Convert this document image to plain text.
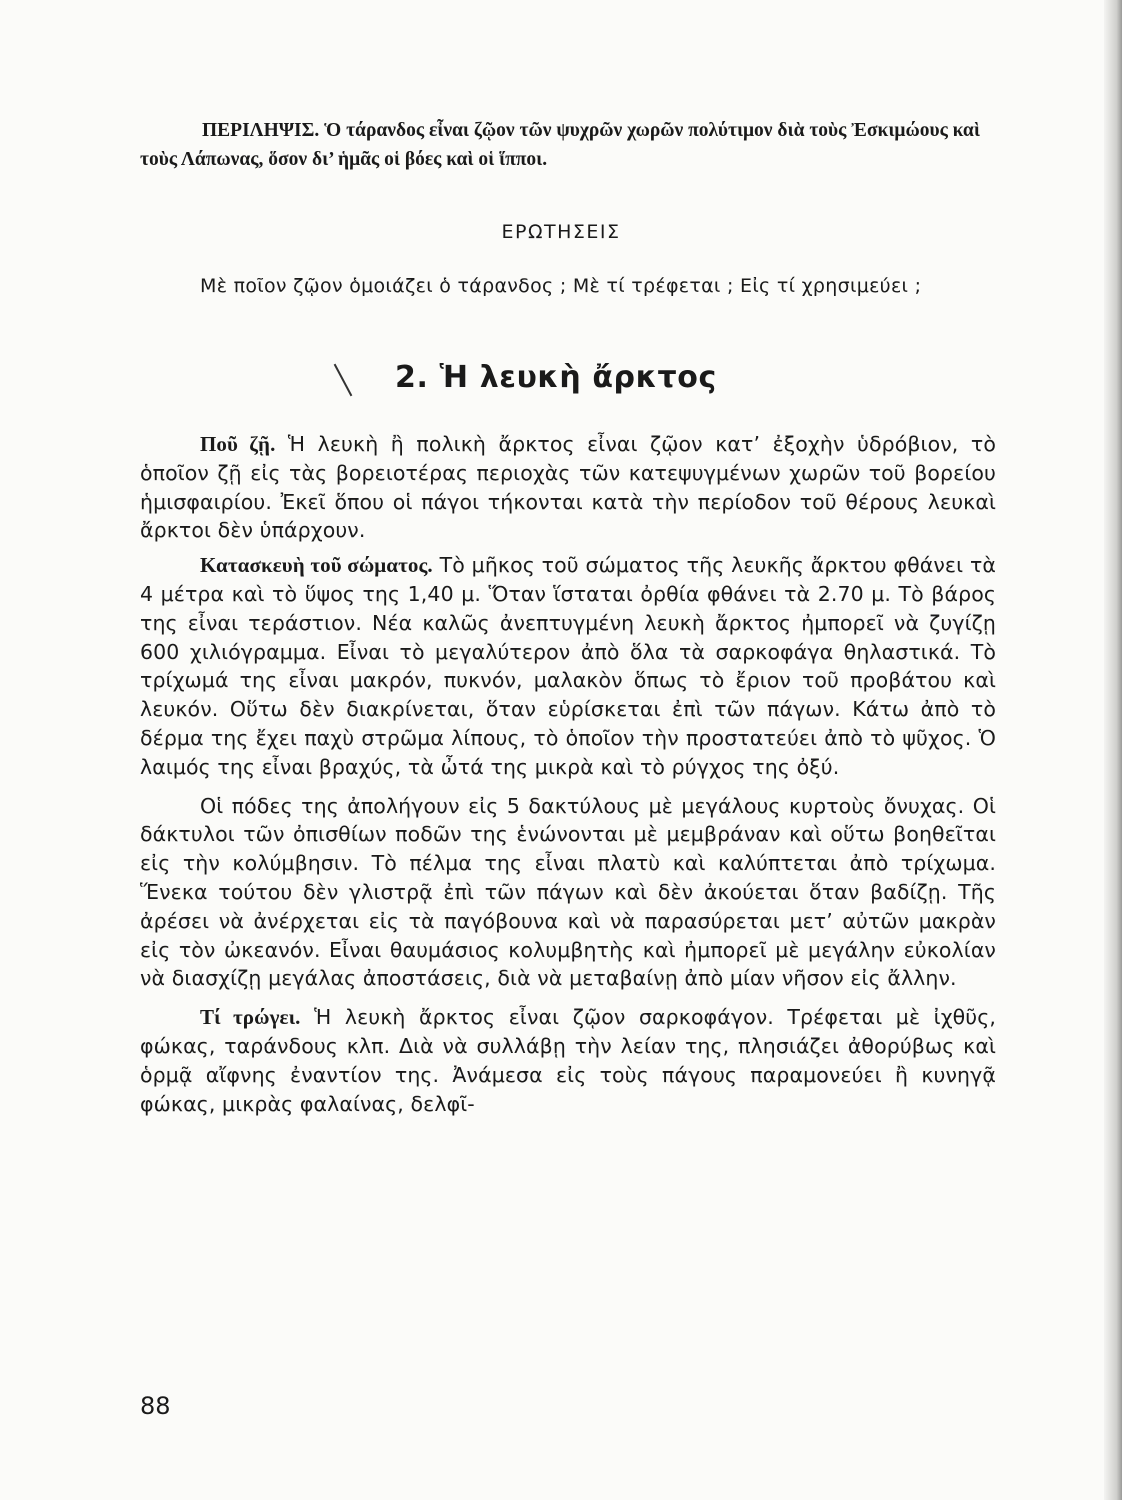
ΠΕΡΙΛΗΨΙΣ. Ὁ τάρανδος εἶναι ζῷον τῶν ψυχρῶν χωρῶν πολύτιμον διὰ τοὺς Ἐσκιμώους καὶ τοὺς Λάπωνας, ὅσον δι’ ἡμᾶς οἱ βόες καὶ οἱ ἵπποι.

ΕΡΩΤΗΣΕΙΣ
Μὲ ποῖον ζῷον ὁμοιάζει ὁ τάρανδος ; Μὲ τί τρέφεται ; Εἰς τί χρησιμεύει ;
2. Ἡ λευκὴ ἄρκτος

Ποῦ ζῇ. Ἡ λευκὴ ἢ πολικὴ ἄρκτος εἶναι ζῷον κατ’ ἐξοχὴν ὑδρόβιον, τὸ ὁποῖον ζῇ εἰς τὰς βορειοτέρας περιοχὰς τῶν κατεψυγμένων χωρῶν τοῦ βορείου ἡμισφαιρίου. Ἐκεῖ ὅπου οἱ πάγοι τήκονται κατὰ τὴν περίοδον τοῦ θέρους λευκαὶ ἄρκτοι δὲν ὑπάρχουν.

Κατασκευὴ τοῦ σώματος. Τὸ μῆκος τοῦ σώματος τῆς λευκῆς ἄρκτου φθάνει τὰ 4 μέτρα καὶ τὸ ὕψος της 1,40 μ. Ὅταν ἵσταται ὀρθία φθάνει τὰ 2.70 μ. Τὸ βάρος της εἶναι τεράστιον. Νέα καλῶς ἀνεπτυγμένη λευκὴ ἄρκτος ἠμπορεῖ νὰ ζυγίζῃ 600 χιλιόγραμμα. Εἶναι τὸ μεγαλύτερον ἀπὸ ὅλα τὰ σαρκοφάγα θηλαστικά. Τὸ τρίχωμά της εἶναι μακρόν, πυκνόν, μαλακὸν ὅπως τὸ ἔριον τοῦ προβάτου καὶ λευκόν. Οὕτω δὲν διακρίνεται, ὅταν εὑρίσκεται ἐπὶ τῶν πάγων. Κάτω ἀπὸ τὸ δέρμα της ἔχει παχὺ στρῶμα λίπους, τὸ ὁποῖον τὴν προστατεύει ἀπὸ τὸ ψῦχος. Ὁ λαιμός της εἶναι βραχύς, τὰ ὦτά της μικρὰ καὶ τὸ ρύγχος της ὀξύ.

Οἱ πόδες της ἀπολήγουν εἰς 5 δακτύλους μὲ μεγάλους κυρτοὺς ὄνυχας. Οἱ δάκτυλοι τῶν ὀπισθίων ποδῶν της ἑνώνονται μὲ μεμβράναν καὶ οὕτω βοηθεῖται εἰς τὴν κολύμβησιν. Τὸ πέλμα της εἶναι πλατὺ καὶ καλύπτεται ἀπὸ τρίχωμα. Ἕνεκα τούτου δὲν γλιστρᾷ ἐπὶ τῶν πάγων καὶ δὲν ἀκούεται ὅταν βαδίζῃ. Τῆς ἀρέσει νὰ ἀνέρχεται εἰς τὰ παγόβουνα καὶ νὰ παρασύρεται μετ’ αὐτῶν μακρὰν εἰς τὸν ὠκεανόν. Εἶναι θαυμάσιος κολυμβητὴς καὶ ἠμπορεῖ μὲ μεγάλην εὐκολίαν νὰ διασχίζῃ μεγάλας ἀποστάσεις, διὰ νὰ μεταβαίνῃ ἀπὸ μίαν νῆσον εἰς ἄλλην.

Τί τρώγει. Ἡ λευκὴ ἄρκτος εἶναι ζῷον σαρκοφάγον. Τρέφεται μὲ ἰχθῦς, φώκας, ταράνδους κλπ. Διὰ νὰ συλλάβῃ τὴν λείαν της, πλησιάζει ἀθορύβως καὶ ὁρμᾷ αἴφνης ἐναντίον της. Ἀνάμεσα εἰς τοὺς πάγους παραμονεύει ἢ κυνηγᾷ φώκας, μικρὰς φαλαίνας, δελφῖ-

88
